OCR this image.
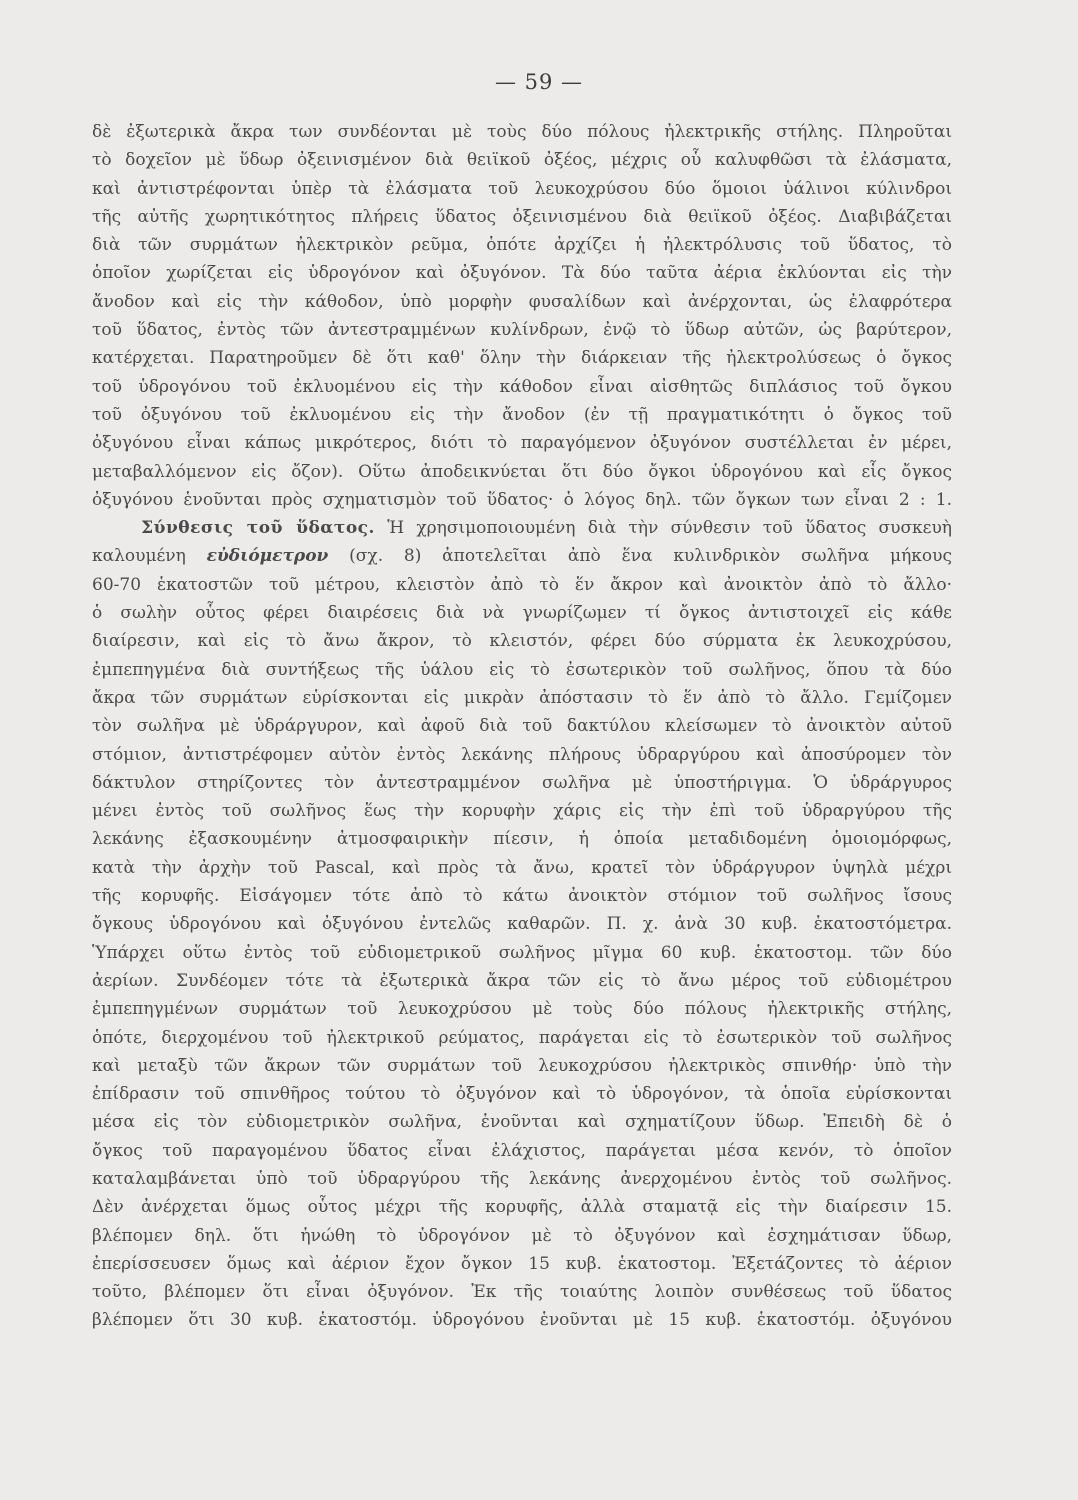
— 59 —
δὲ ἐξωτερικὰ ἄκρα των συνδέονται μὲ τοὺς δύο πόλους ἠλεκτρικῆς στήλης. Πληροῦται
τὸ δοχεῖον μὲ ὕδωρ ὀξεινισμένον διὰ θειϊκοῦ ὀξέος, μέχρις οὗ καλυφθῶσι τὰ ἐλάσματα,
καὶ ἀντιστρέφονται ὑπὲρ τὰ ἐλάσματα τοῦ λευκοχρύσου δύο ὅμοιοι ὑάλινοι κύλινδροι
τῆς αὐτῆς χωρητικότητος πλήρεις ὕδατος ὀξεινισμένου διὰ θειϊκοῦ ὀξέος. Διαβιβάζεται
διὰ τῶν συρμάτων ἠλεκτρικὸν ρεῦμα, ὁπότε ἀρχίζει ἡ ἠλεκτρόλυσις τοῦ ὕδατος, τὸ
ὁποῖον χωρίζεται εἰς ὑδρογόνον καὶ ὀξυγόνον. Τὰ δύο ταῦτα ἀέρια ἐκλύονται εἰς τὴν
ἄνοδον καὶ εἰς τὴν κάθοδον, ὑπὸ μορφὴν φυσαλίδων καὶ ἀνέρχονται, ὡς ἐλαφρότερα
τοῦ ὕδατος, ἐντὸς τῶν ἀντεστραμμένων κυλίνδρων, ἐνῷ τὸ ὕδωρ αὐτῶν, ὡς βαρύτερον,
κατέρχεται. Παρατηροῦμεν δὲ ὅτι καθ' ὅλην τὴν διάρκειαν τῆς ἠλεκτρολύσεως ὁ ὄγκος
τοῦ ὑδρογόνου τοῦ ἐκλυομένου εἰς τὴν κάθοδον εἶναι αἰσθητῶς διπλάσιος τοῦ ὄγκου
τοῦ ὀξυγόνου τοῦ ἐκλυομένου εἰς τὴν ἄνοδον (ἐν τῇ πραγματικότητι ὁ ὄγκος τοῦ
ὀξυγόνου εἶναι κάπως μικρότερος, διότι τὸ παραγόμενον ὀξυγόνον συστέλλεται ἐν μέρει,
μεταβαλλόμενον εἰς ὄζον). Οὕτω ἀποδεικνύεται ὅτι δύο ὄγκοι ὑδρογόνου καὶ εἷς ὄγκος
ὀξυγόνου ἑνοῦνται πρὸς σχηματισμὸν τοῦ ὕδατος· ὁ λόγος δηλ. τῶν ὄγκων των εἶναι 2 : 1.
Σύνθεσις τοῦ ὕδατος. Ἡ χρησιμοποιουμένη διὰ τὴν σύνθεσιν τοῦ ὕδατος συσκευὴ
καλουμένη εὐδιόμετρον (σχ. 8) ἀποτελεῖται ἀπὸ ἕνα κυλινδρικὸν σωλῆνα μήκους
60-70 ἑκατοστῶν τοῦ μέτρου, κλειστὸν ἀπὸ τὸ ἕν ἄκρον καὶ ἀνοικτὸν ἀπὸ τὸ ἄλλο·
ὁ σωλὴν οὗτος φέρει διαιρέσεις διὰ νὰ γνωρίζωμεν τί ὄγκος ἀντιστοιχεῖ εἰς κάθε
διαίρεσιν, καὶ εἰς τὸ ἄνω ἄκρον, τὸ κλειστόν, φέρει δύο σύρματα ἐκ λευκοχρύσου,
ἐμπεπηγμένα διὰ συντήξεως τῆς ὑάλου εἰς τὸ ἐσωτερικὸν τοῦ σωλῆνος, ὅπου τὰ δύο
ἄκρα τῶν συρμάτων εὑρίσκονται εἰς μικρὰν ἀπόστασιν τὸ ἕν ἀπὸ τὸ ἄλλο. Γεμίζομεν
τὸν σωλῆνα μὲ ὑδράργυρον, καὶ ἀφοῦ διὰ τοῦ δακτύλου κλείσωμεν τὸ ἀνοικτὸν αὐτοῦ
στόμιον, ἀντιστρέφομεν αὐτὸν ἐντὸς λεκάνης πλήρους ὑδραργύρου καὶ ἀποσύρομεν τὸν
δάκτυλον στηρίζοντες τὸν ἀντεστραμμένον σωλῆνα μὲ ὑποστήριγμα. Ὁ ὑδράργυρος
μένει ἐντὸς τοῦ σωλῆνος ἕως τὴν κορυφὴν χάρις εἰς τὴν ἐπὶ τοῦ ὑδραργύρου τῆς
λεκάνης ἐξασκουμένην ἀτμοσφαιρικὴν πίεσιν, ἡ ὁποία μεταδιδομένη ὁμοιομόρφως,
κατὰ τὴν ἀρχὴν τοῦ Pascal, καὶ πρὸς τὰ ἄνω, κρατεῖ τὸν ὑδράργυρον ὑψηλὰ μέχρι
τῆς κορυφῆς. Εἰσάγομεν τότε ἀπὸ τὸ κάτω ἀνοικτὸν στόμιον τοῦ σωλῆνος ἴσους
ὄγκους ὑδρογόνου καὶ ὀξυγόνου ἐντελῶς καθαρῶν. Π. χ. ἀνὰ 30 κυβ. ἑκατοστόμετρα.
Ὑπάρχει οὕτω ἐντὸς τοῦ εὐδιομετρικοῦ σωλῆνος μῖγμα 60 κυβ. ἑκατοστομ. τῶν δύο
ἀερίων. Συνδέομεν τότε τὰ ἐξωτερικὰ ἄκρα τῶν εἰς τὸ ἄνω μέρος τοῦ εὐδιομέτρου
ἐμπεπηγμένων συρμάτων τοῦ λευκοχρύσου μὲ τοὺς δύο πόλους ἠλεκτρικῆς στήλης,
ὁπότε, διερχομένου τοῦ ἠλεκτρικοῦ ρεύματος, παράγεται εἰς τὸ ἐσωτερικὸν τοῦ σωλῆνος
καὶ μεταξὺ τῶν ἄκρων τῶν συρμάτων τοῦ λευκοχρύσου ἠλεκτρικὸς σπινθήρ· ὑπὸ τὴν
ἐπίδρασιν τοῦ σπινθῆρος τούτου τὸ ὀξυγόνον καὶ τὸ ὑδρογόνον, τὰ ὁποῖα εὑρίσκονται
μέσα εἰς τὸν εὐδιομετρικὸν σωλῆνα, ἑνοῦνται καὶ σχηματίζουν ὕδωρ. Ἐπειδὴ δὲ ὁ
ὄγκος τοῦ παραγομένου ὕδατος εἶναι ἐλάχιστος, παράγεται μέσα κενόν, τὸ ὁποῖον
καταλαμβάνεται ὑπὸ τοῦ ὑδραργύρου τῆς λεκάνης ἀνερχομένου ἐντὸς τοῦ σωλῆνος.
Δὲν ἀνέρχεται ὅμως οὗτος μέχρι τῆς κορυφῆς, ἀλλὰ σταματᾷ εἰς τὴν διαίρεσιν 15.
βλέπομεν δηλ. ὅτι ἡνώθη τὸ ὑδρογόνον μὲ τὸ ὀξυγόνον καὶ ἐσχημάτισαν ὕδωρ,
ἐπερίσσευσεν ὅμως καὶ ἀέριον ἔχον ὄγκον 15 κυβ. ἑκατοστομ. Ἐξετάζοντες τὸ ἀέριον
τοῦτο, βλέπομεν ὅτι εἶναι ὀξυγόνον. Ἐκ τῆς τοιαύτης λοιπὸν συνθέσεως τοῦ ὕδατος
βλέπομεν ὅτι 30 κυβ. ἑκατοστόμ. ὑδρογόνου ἑνοῦνται μὲ 15 κυβ. ἑκατοστόμ. ὀξυγόνου
